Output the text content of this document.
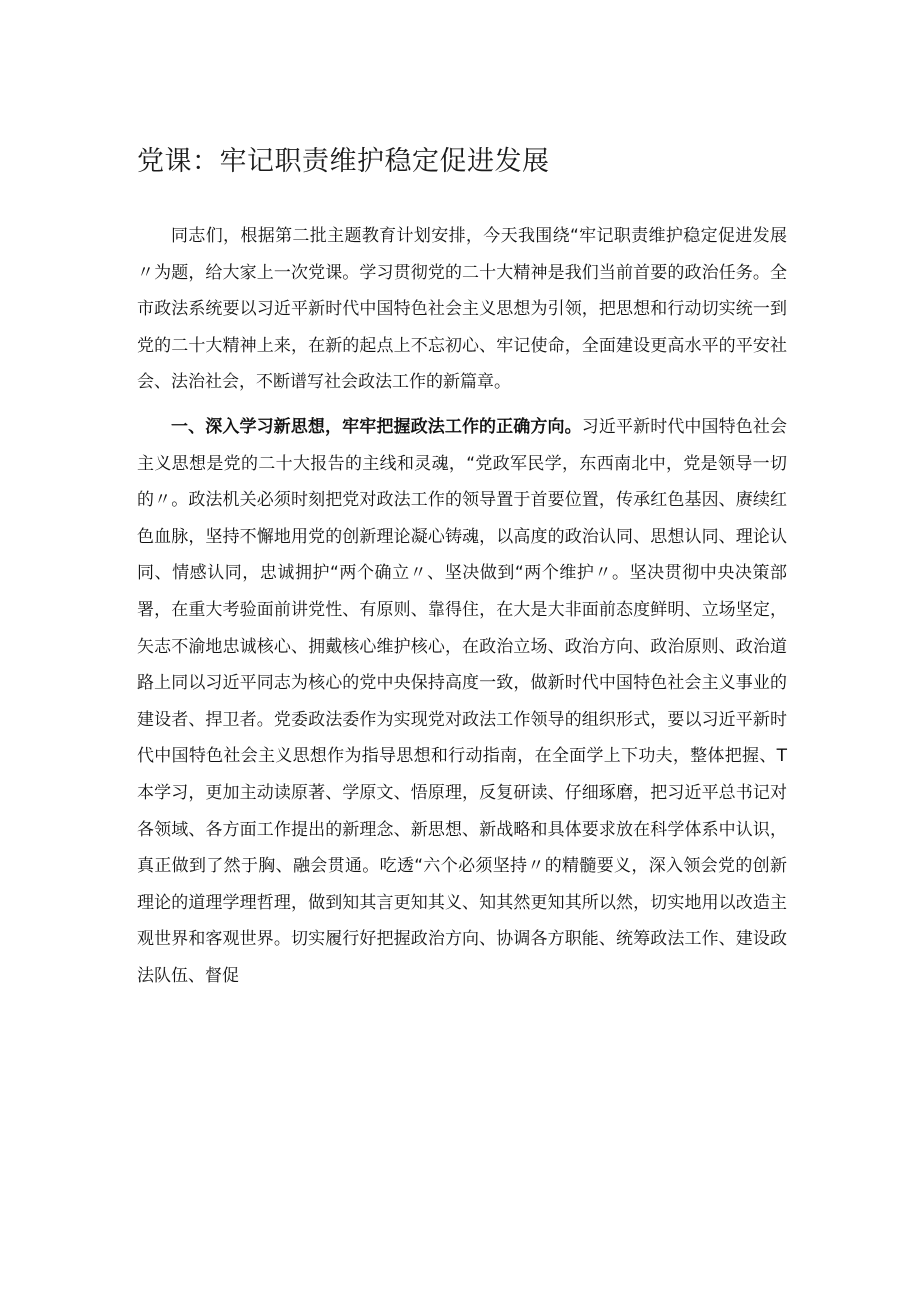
党课：牢记职责维护稳定促进发展

同志们，根据第二批主题教育计划安排，今天我围绕“牢记职责维护稳定促进发展〃为题，给大家上一次党课。学习贯彻党的二十大精神是我们当前首要的政治任务。全市政法系统要以习近平新时代中国特色社会主义思想为引领，把思想和行动切实统一到党的二十大精神上来，在新的起点上不忘初心、牢记使命，全面建设更高水平的平安社会、法治社会，不断谱写社会政法工作的新篇章。

一、深入学习新思想，牢牢把握政法工作的正确方向。习近平新时代中国特色社会主义思想是党的二十大报告的主线和灵魂，“党政军民学，东西南北中，党是领导一切的〃。政法机关必须时刻把党对政法工作的领导置于首要位置，传承红色基因、赓续红色血脉，坚持不懈地用党的创新理论凝心铸魂，以高度的政治认同、思想认同、理论认同、情感认同，忠诚拥护“两个确立〃、坚决做到“两个维护〃。坚决贯彻中央决策部署，在重大考验面前讲党性、有原则、靠得住，在大是大非面前态度鲜明、立场坚定，矢志不渝地忠诚核心、拥戴核心维护核心，在政治立场、政治方向、政治原则、政治道路上同以习近平同志为核心的党中央保持高度一致，做新时代中国特色社会主义事业的建设者、捍卫者。党委政法委作为实现党对政法工作领导的组织形式，要以习近平新时代中国特色社会主义思想作为指导思想和行动指南，在全面学上下功夫，整体把握、T本学习，更加主动读原著、学原文、悟原理，反复研读、仔细琢磨，把习近平总书记对各领域、各方面工作提出的新理念、新思想、新战略和具体要求放在科学体系中认识，真正做到了然于胸、融会贯通。吃透“六个必须坚持〃的精髓要义，深入领会党的创新理论的道理学理哲理，做到知其言更知其义、知其然更知其所以然，切实地用以改造主观世界和客观世界。切实履行好把握政治方向、协调各方职能、统筹政法工作、建设政法队伍、督促
